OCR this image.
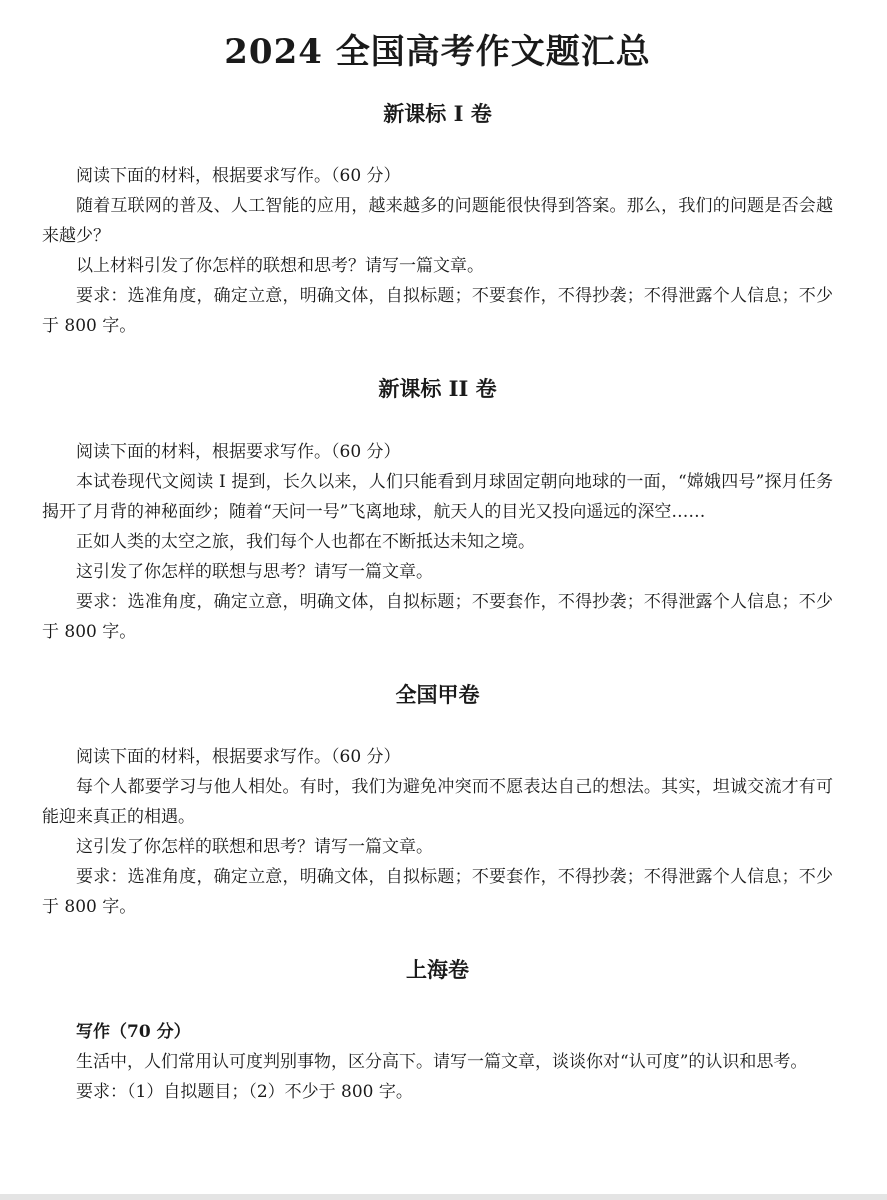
2024 全国高考作文题汇总
新课标 I 卷

阅读下面的材料，根据要求写作。（60 分）

随着互联网的普及、人工智能的应用，越来越多的问题能很快得到答案。那么，我们的问题是否会越来越少？

以上材料引发了你怎样的联想和思考？请写一篇文章。

要求：选准角度，确定立意，明确文体，自拟标题；不要套作，不得抄袭；不得泄露个人信息；不少于 800 字。

新课标 II 卷

阅读下面的材料，根据要求写作。（60 分）

本试卷现代文阅读 I 提到，长久以来，人们只能看到月球固定朝向地球的一面，“嫦娥四号”探月任务揭开了月背的神秘面纱；随着“天问一号”飞离地球，航天人的目光又投向遥远的深空……

正如人类的太空之旅，我们每个人也都在不断抵达未知之境。

这引发了你怎样的联想与思考？请写一篇文章。

要求：选准角度，确定立意，明确文体，自拟标题；不要套作，不得抄袭；不得泄露个人信息；不少于 800 字。

全国甲卷

阅读下面的材料，根据要求写作。（60 分）

每个人都要学习与他人相处。有时，我们为避免冲突而不愿表达自己的想法。其实，坦诚交流才有可能迎来真正的相遇。

这引发了你怎样的联想和思考？请写一篇文章。

要求：选准角度，确定立意，明确文体，自拟标题；不要套作，不得抄袭；不得泄露个人信息；不少于 800 字。

上海卷

写作（70 分）

生活中，人们常用认可度判别事物，区分高下。请写一篇文章，谈谈你对“认可度”的认识和思考。

要求：（1）自拟题目；（2）不少于 800 字。
